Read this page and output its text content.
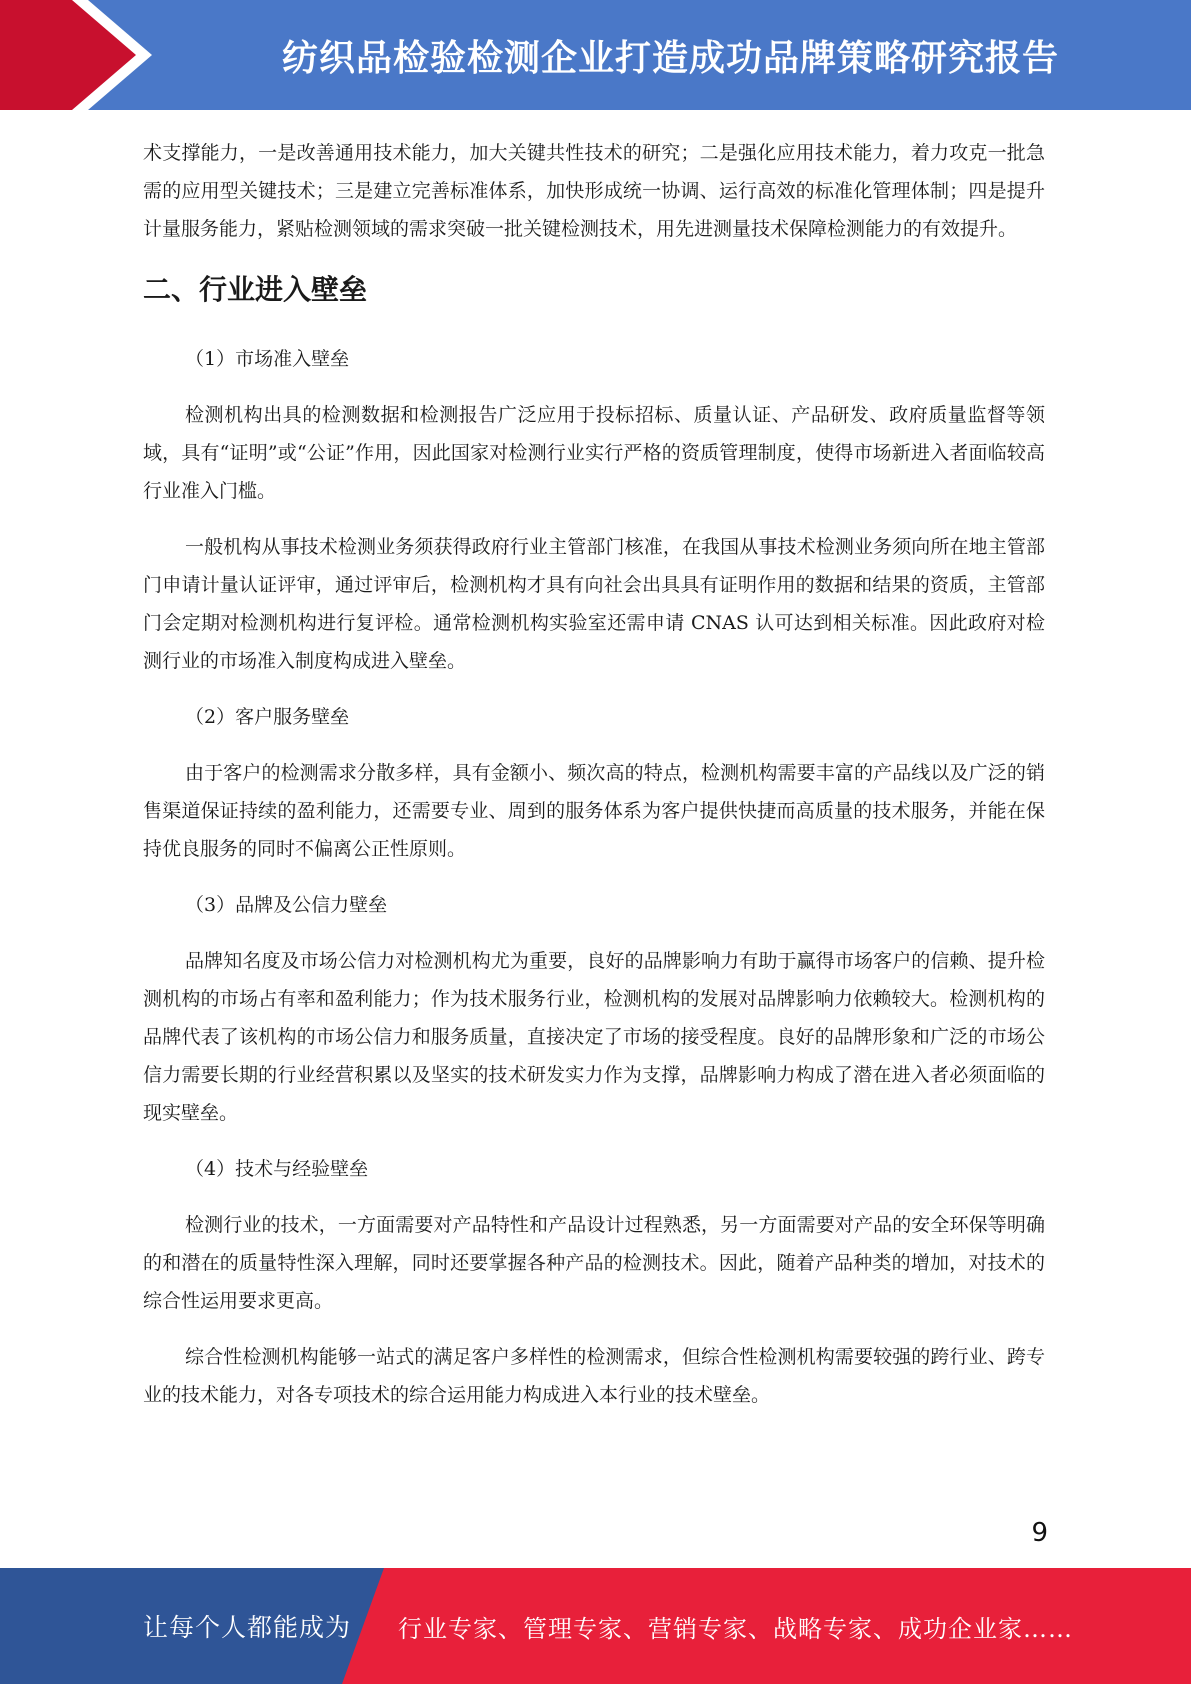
纺织品检验检测企业打造成功品牌策略研究报告

术支撑能力，一是改善通用技术能力，加大关键共性技术的研究；二是强化应用技术能力，着力攻克一批急需的应用型关键技术；三是建立完善标准体系，加快形成统一协调、运行高效的标准化管理体制；四是提升计量服务能力，紧贴检测领域的需求突破一批关键检测技术，用先进测量技术保障检测能力的有效提升。

二、行业进入壁垒

（1）市场准入壁垒

检测机构出具的检测数据和检测报告广泛应用于投标招标、质量认证、产品研发、政府质量监督等领域，具有“证明”或“公证”作用，因此国家对检测行业实行严格的资质管理制度，使得市场新进入者面临较高行业准入门槛。

一般机构从事技术检测业务须获得政府行业主管部门核准，在我国从事技术检测业务须向所在地主管部门申请计量认证评审，通过评审后，检测机构才具有向社会出具具有证明作用的数据和结果的资质，主管部门会定期对检测机构进行复评检。通常检测机构实验室还需申请 CNAS 认可达到相关标准。因此政府对检测行业的市场准入制度构成进入壁垒。

（2）客户服务壁垒

由于客户的检测需求分散多样，具有金额小、频次高的特点，检测机构需要丰富的产品线以及广泛的销售渠道保证持续的盈利能力，还需要专业、周到的服务体系为客户提供快捷而高质量的技术服务，并能在保持优良服务的同时不偏离公正性原则。

（3）品牌及公信力壁垒

品牌知名度及市场公信力对检测机构尤为重要，良好的品牌影响力有助于赢得市场客户的信赖、提升检测机构的市场占有率和盈利能力；作为技术服务行业，检测机构的发展对品牌影响力依赖较大。检测机构的品牌代表了该机构的市场公信力和服务质量，直接决定了市场的接受程度。良好的品牌形象和广泛的市场公信力需要长期的行业经营积累以及坚实的技术研发实力作为支撑，品牌影响力构成了潜在进入者必须面临的现实壁垒。

（4）技术与经验壁垒

检测行业的技术，一方面需要对产品特性和产品设计过程熟悉，另一方面需要对产品的安全环保等明确的和潜在的质量特性深入理解，同时还要掌握各种产品的检测技术。因此，随着产品种类的增加，对技术的综合性运用要求更高。

综合性检测机构能够一站式的满足客户多样性的检测需求，但综合性检测机构需要较强的跨行业、跨专业的技术能力，对各专项技术的综合运用能力构成进入本行业的技术壁垒。

9
让每个人都能成为 行业专家、管理专家、营销专家、战略专家、成功企业家……
